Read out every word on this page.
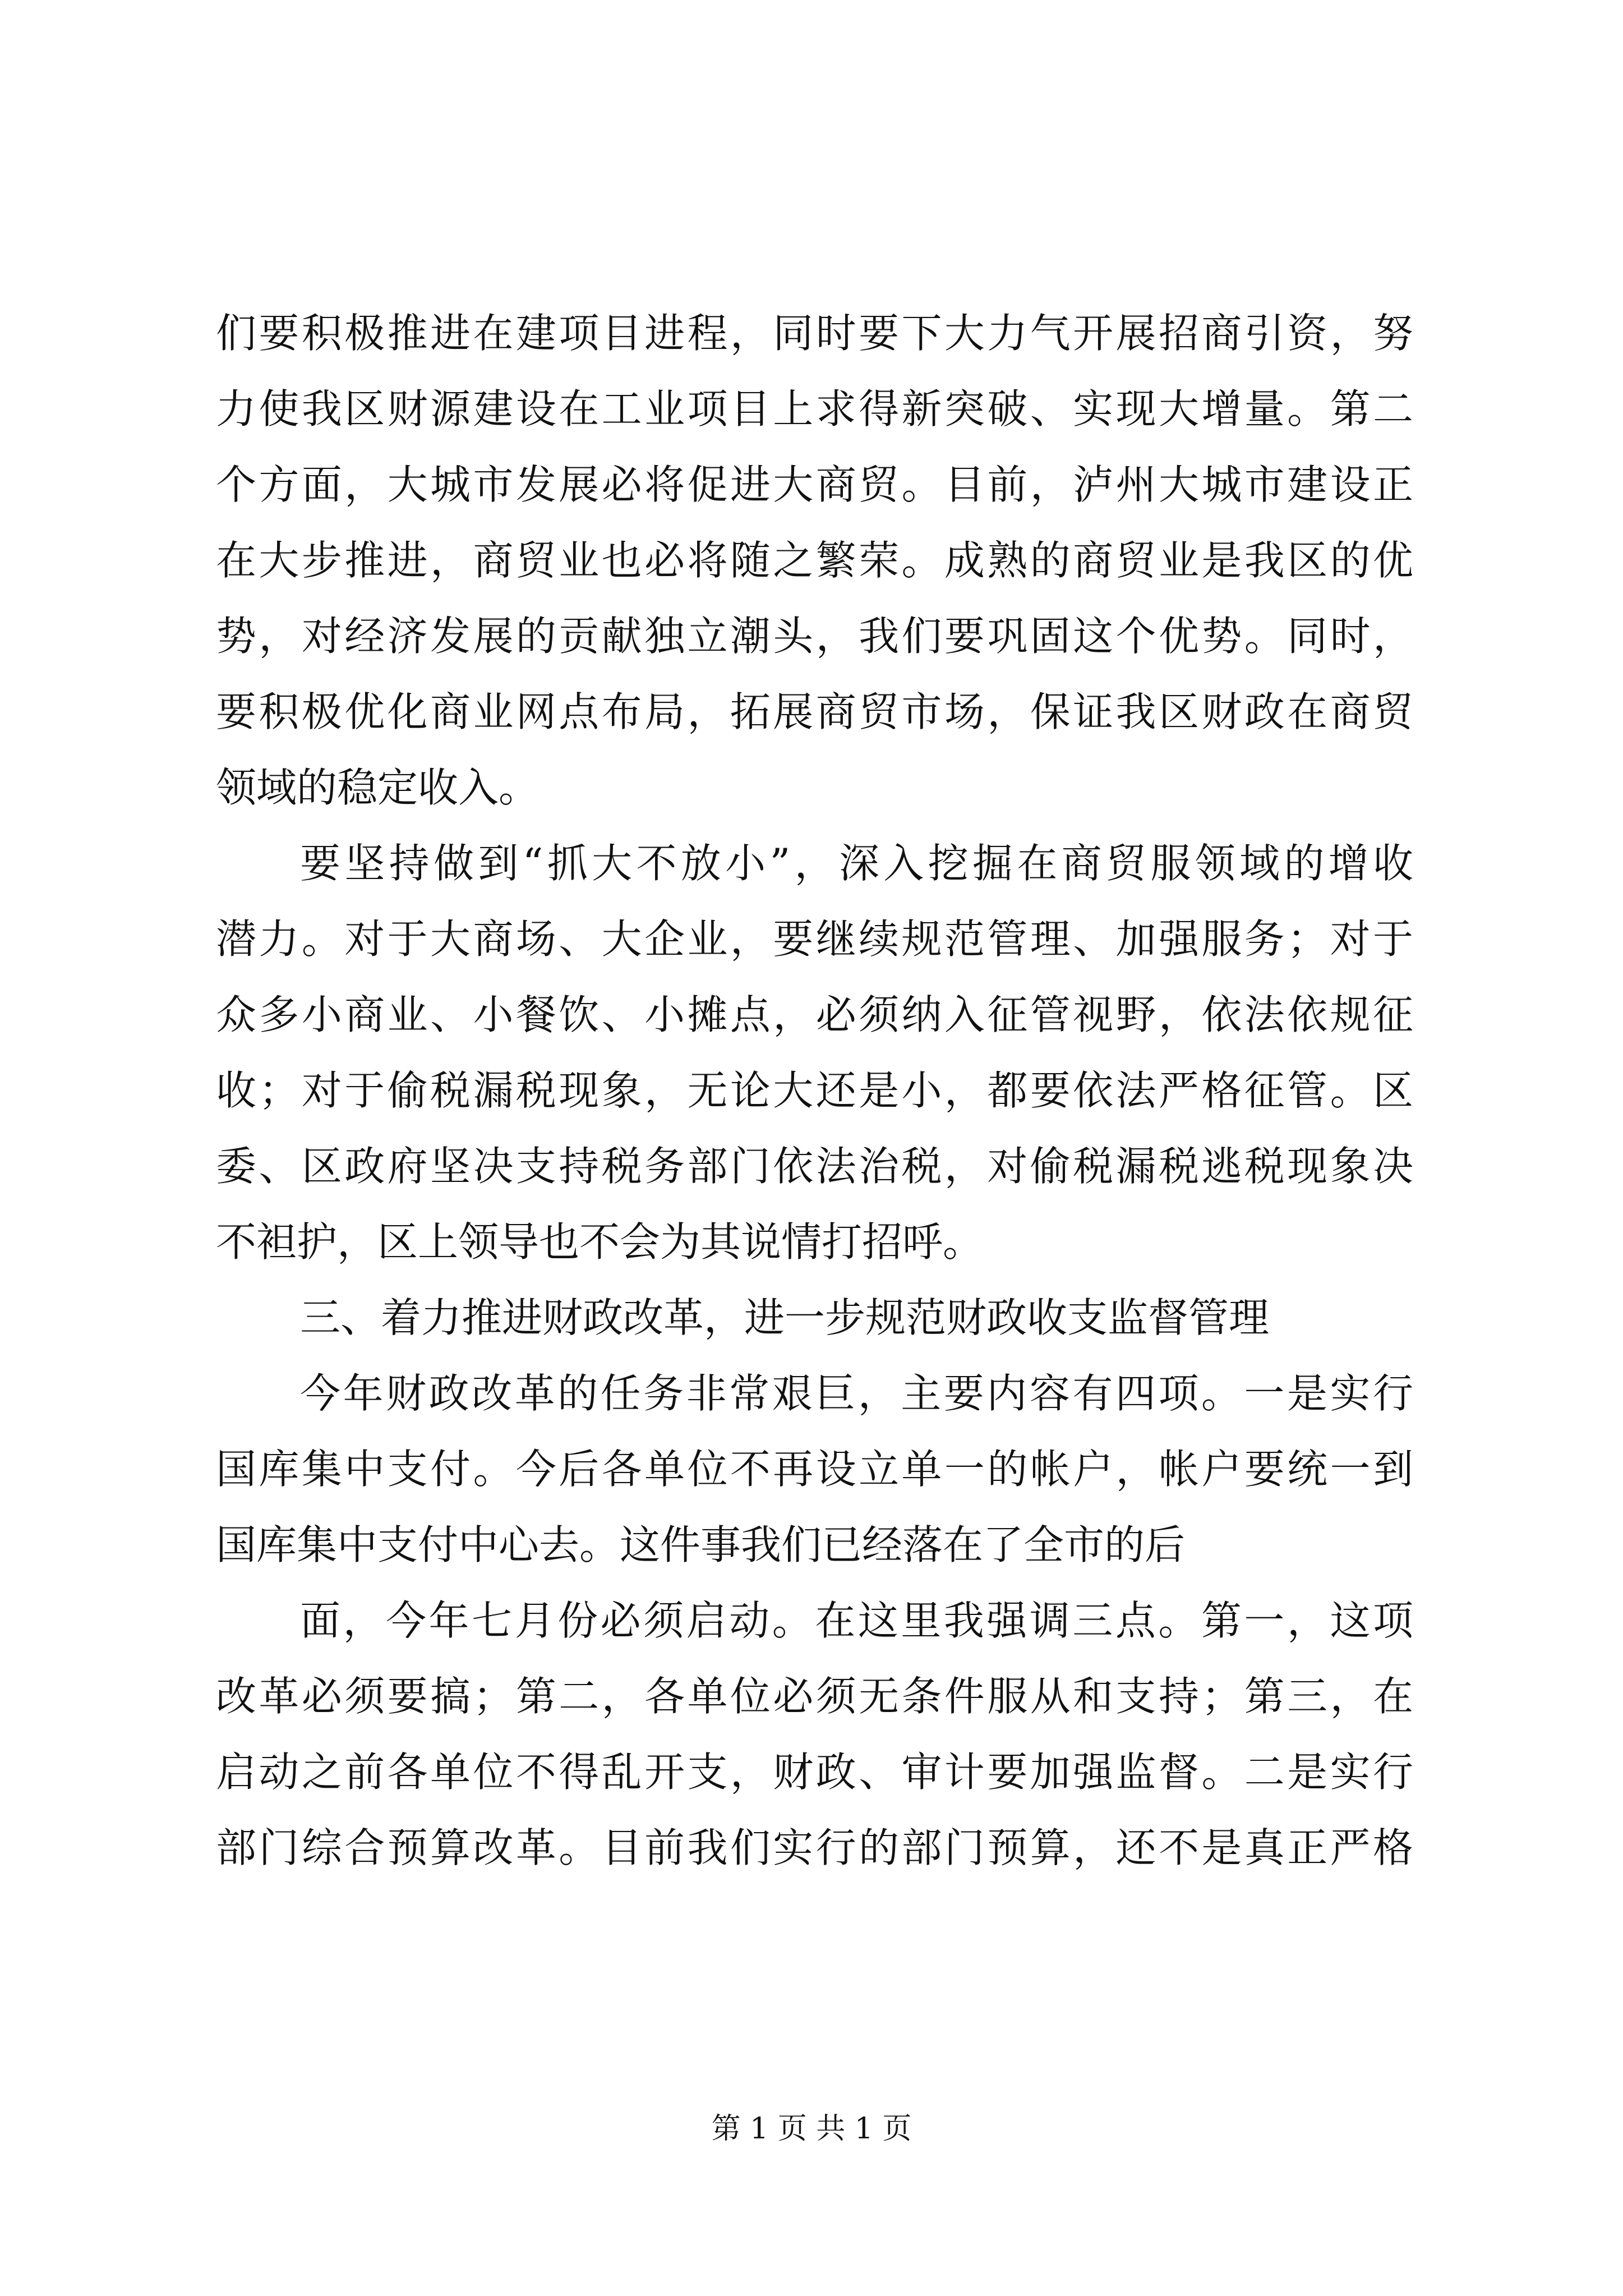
们要积极推进在建项目进程，同时要下大力气开展招商引资，努
力使我区财源建设在工业项目上求得新突破、实现大增量。第二
个方面，大城市发展必将促进大商贸。目前，泸州大城市建设正
在大步推进，商贸业也必将随之繁荣。成熟的商贸业是我区的优
势，对经济发展的贡献独立潮头，我们要巩固这个优势。同时，
要积极优化商业网点布局，拓展商贸市场，保证我区财政在商贸
领域的稳定收入。
要坚持做到“抓大不放小”，深入挖掘在商贸服领域的增收
潜力。对于大商场、大企业，要继续规范管理、加强服务；对于
众多小商业、小餐饮、小摊点，必须纳入征管视野，依法依规征
收；对于偷税漏税现象，无论大还是小，都要依法严格征管。区
委、区政府坚决支持税务部门依法治税，对偷税漏税逃税现象决
不袒护，区上领导也不会为其说情打招呼。
三、着力推进财政改革，进一步规范财政收支监督管理
今年财政改革的任务非常艰巨，主要内容有四项。一是实行
国库集中支付。今后各单位不再设立单一的帐户，帐户要统一到
国库集中支付中心去。这件事我们已经落在了全市的后
面，今年七月份必须启动。在这里我强调三点。第一，这项
改革必须要搞；第二，各单位必须无条件服从和支持；第三，在
启动之前各单位不得乱开支，财政、审计要加强监督。二是实行
部门综合预算改革。目前我们实行的部门预算，还不是真正严格
第 1 页 共 1 页
